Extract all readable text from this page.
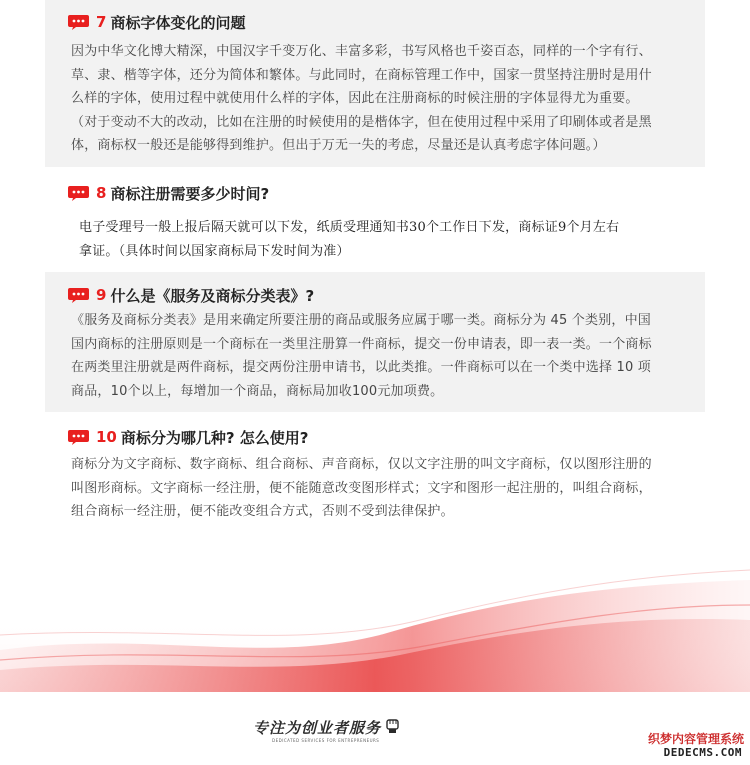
7 商标字体变化的问题

因为中华文化博大精深，中国汉字千变万化、丰富多彩，书写风格也千姿百态，同样的一个字有行、

草、隶、楷等字体，还分为简体和繁体。与此同时，在商标管理工作中，国家一贯坚持注册时是用什

么样的字体，使用过程中就使用什么样的字体，因此在注册商标的时候注册的字体显得尤为重要。

（对于变动不大的改动，比如在注册的时候使用的是楷体字，但在使用过程中采用了印刷体或者是黑

体，商标权一般还是能够得到维护。但出于万无一失的考虑，尽量还是认真考虑字体问题。）

8 商标注册需要多少时间?

电子受理号一般上报后隔天就可以下发，纸质受理通知书30个工作日下发，商标证9个月左右

拿证。（具体时间以国家商标局下发时间为准）

9 什么是《服务及商标分类表》?

《服务及商标分类表》是用来确定所要注册的商品或服务应属于哪一类。商标分为 45 个类别，中国

国内商标的注册原则是一个商标在一类里注册算一件商标，提交一份申请表，即一表一类。一个商标

在两类里注册就是两件商标，提交两份注册申请书，以此类推。一件商标可以在一个类中选择 10 项

商品，10个以上，每增加一个商品，商标局加收100元加项费。

10 商标分为哪几种? 怎么使用?

商标分为文字商标、数字商标、组合商标、声音商标，仅以文字注册的叫文字商标，仅以图形注册的

叫图形商标。文字商标一经注册，便不能随意改变图形样式；文字和图形一起注册的，叫组合商标，

组合商标一经注册，便不能改变组合方式，否则不受到法律保护。

专注为创业者服务
DEDICATED SERVICES FOR ENTREPRENEURS	织梦内容管理系统
DEDECMS.COM
